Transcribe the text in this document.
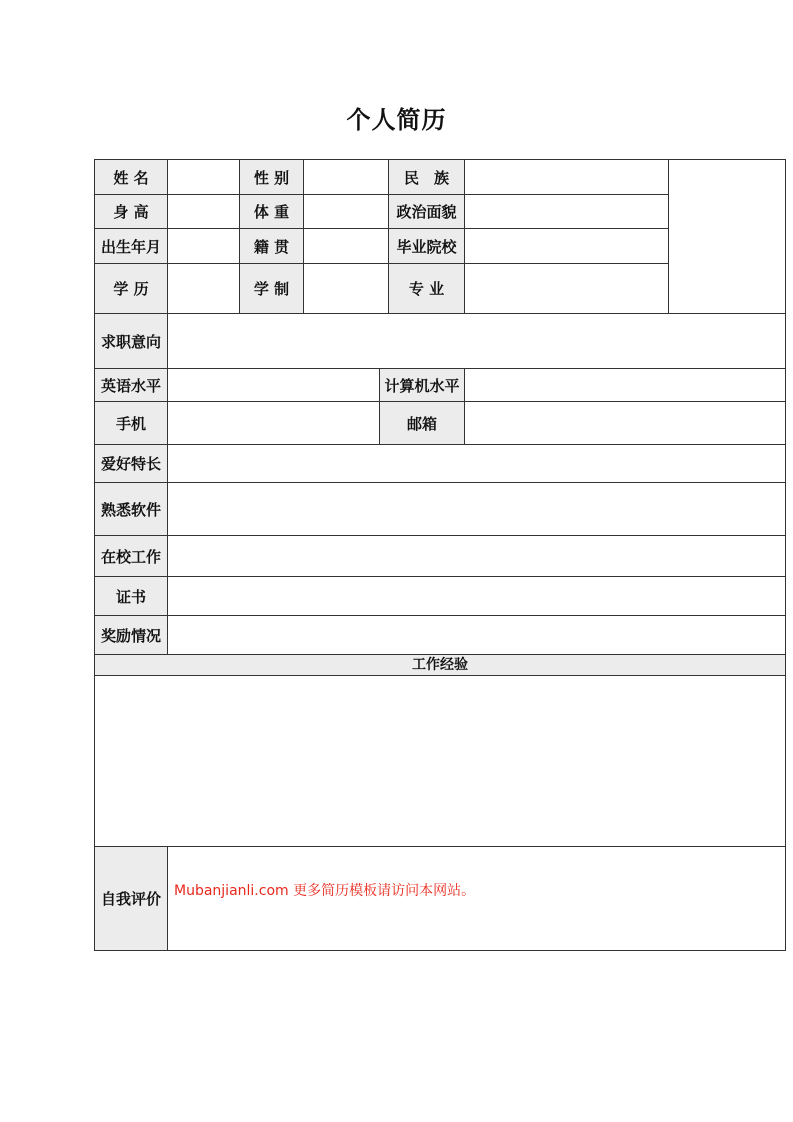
个人简历
姓 名		性 别			民　族		
身 高		体 重			政治面貌		
出生年月		籍 贯			毕业院校		
学 历		学 制			专 业		
求职意向							
英语水平				计算机水平			
手机				邮箱			
爱好特长							
熟悉软件							
在校工作							
证书							
奖励情况							
工作经验							

自我评价	Mubanjianli.com 更多简历模板请访问本网站。						
